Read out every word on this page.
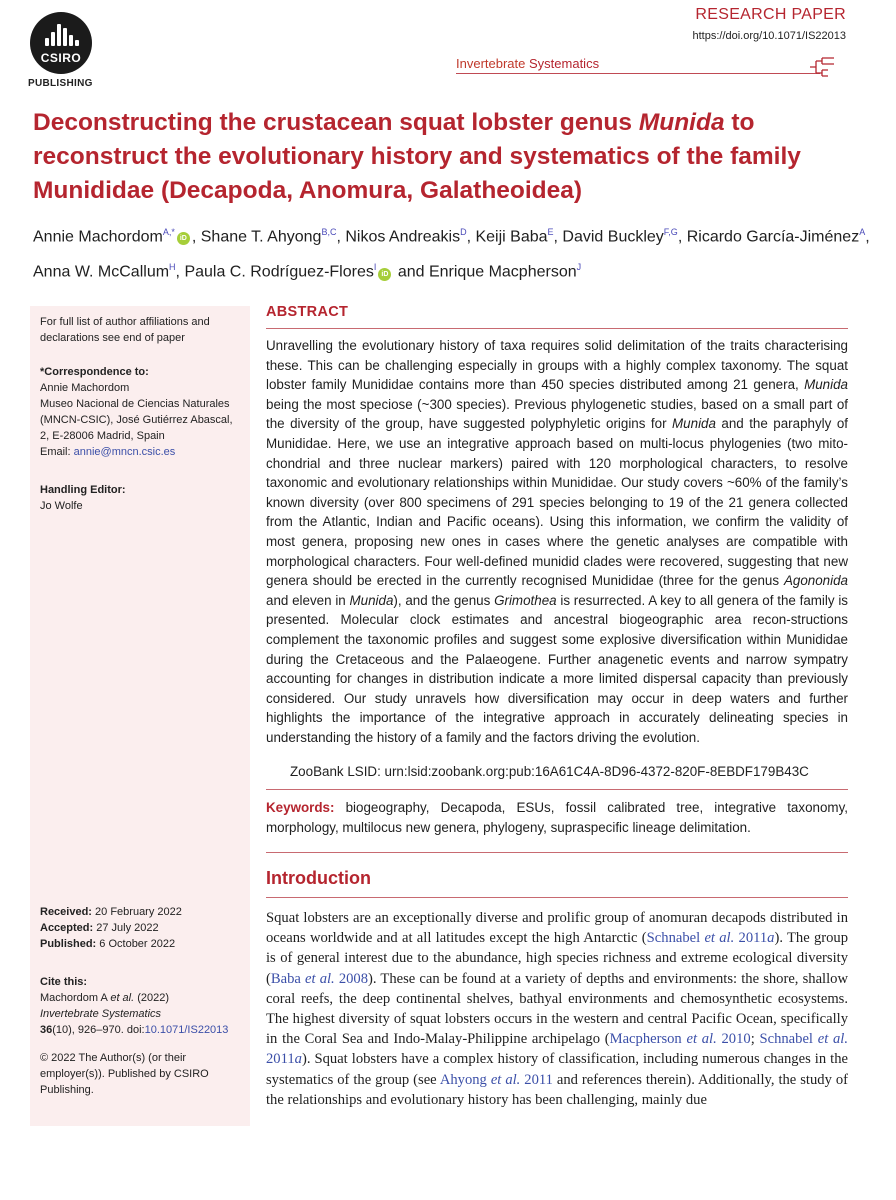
CSIRO
PUBLISHING
RESEARCH PAPER
https://doi.org/10.1071/IS22013
Invertebrate Systematics
Deconstructing the crustacean squat lobster genus Munida to reconstruct the evolutionary history and systematics of the family Munididae (Decapoda, Anomura, Galatheoidea)
Annie Machordom$^{A,*}$iD , Shane T. Ahyong$^{B,C}$, Nikos Andreakis$^D$, Keiji Baba$^E$, David Buckley$^{F,G}$, Ricardo García-Jiménez$^A$, Anna W. McCallum$^H$, Paula C. Rodríguez-Flores$^I$iD and Enrique Macpherson$^J$
For full list of author affiliations and declarations see end of paper
*Correspondence to:
Annie Machordom
Museo Nacional de Ciencias Naturales
(MNCN-CSIC), José Gutiérrez Abascal,
2, E-28006 Madrid, Spain
Email: annie@mncn.csic.es
Handling Editor:
Jo Wolfe
Received: 20 February 2022
Accepted: 27 July 2022
Published: 6 October 2022
Cite this:
Machordom A et al. (2022)
Invertebrate Systematics
36(10), 926–970. doi:10.1071/IS22013
© 2022 The Author(s) (or their employer(s)). Published by CSIRO Publishing.
ABSTRACT

Unravelling the evolutionary history of taxa requires solid delimitation of the traits characterising these. This can be challenging especially in groups with a highly complex taxonomy. The squat lobster family Munididae contains more than 450 species distributed among 21 genera, Munida being the most speciose (~300 species). Previous phylogenetic studies, based on a small part of the diversity of the group, have suggested polyphyletic origins for Munida and the paraphyly of Munididae. Here, we use an integrative approach based on multi-locus phylogenies (two mito-chondrial and three nuclear markers) paired with 120 morphological characters, to resolve taxonomic and evolutionary relationships within Munididae. Our study covers ~60% of the family’s known diversity (over 800 specimens of 291 species belonging to 19 of the 21 genera collected from the Atlantic, Indian and Pacific oceans). Using this information, we confirm the validity of most genera, proposing new ones in cases where the genetic analyses are compatible with morphological characters. Four well-defined munidid clades were recovered, suggesting that new genera should be erected in the currently recognised Munididae (three for the genus Agononida and eleven in Munida), and the genus Grimothea is resurrected. A key to all genera of the family is presented. Molecular clock estimates and ancestral biogeographic area recon-structions complement the taxonomic profiles and suggest some explosive diversification within Munididae during the Cretaceous and the Palaeogene. Further anagenetic events and narrow sympatry accounting for changes in distribution indicate a more limited dispersal capacity than previously considered. Our study unravels how diversification may occur in deep waters and further highlights the importance of the integrative approach in accurately delineating species in understanding the history of a family and the factors driving the evolution.

ZooBank LSID: urn:lsid:zoobank.org:pub:16A61C4A-8D96-4372-820F-8EBDF179B43C

Keywords: biogeography, Decapoda, ESUs, fossil calibrated tree, integrative taxonomy, morphology, multilocus new genera, phylogeny, supraspecific lineage delimitation.

Introduction

Squat lobsters are an exceptionally diverse and prolific group of anomuran decapods distributed in oceans worldwide and at all latitudes except the high Antarctic (Schnabel et al. 2011a). The group is of general interest due to the abundance, high species richness and extreme ecological diversity (Baba et al. 2008). These can be found at a variety of depths and environments: the shore, shallow coral reefs, the deep continental shelves, bathyal environments and chemosynthetic ecosystems. The highest diversity of squat lobsters occurs in the western and central Pacific Ocean, specifically in the Coral Sea and Indo-Malay-Philippine archipelago (Macpherson et al. 2010; Schnabel et al. 2011a). Squat lobsters have a complex history of classification, including numerous changes in the systematics of the group (see Ahyong et al. 2011 and references therein). Additionally, the study of the relationships and evolutionary history has been challenging, mainly due
